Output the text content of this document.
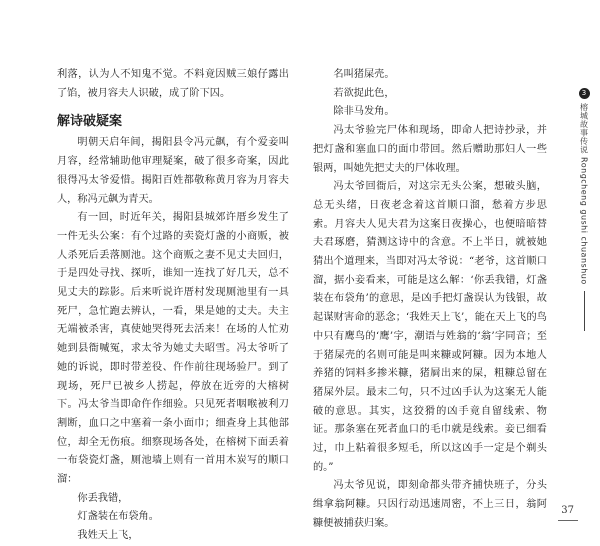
利落，认为人不知鬼不觉。不料竟因贼三娘仔露出了馅，被月容夫人识破，成了阶下囚。

解诗破疑案

明朝天启年间，揭阳县令冯元飙，有个爱妾叫月容，经常辅助他审理疑案，破了很多奇案，因此很得冯太爷爱惜。揭阳百姓都敬称黄月容为月容夫人，称冯元飙为青天。

有一回，时近年关，揭阳县城郊许厝乡发生了一件无头公案：有个过路的卖瓷灯盏的小商贩，被人杀死后丢落厕池。这个商贩之妻不见丈夫回归，于是四处寻找、探听，谁知一连找了好几天，总不见丈夫的踪影。后来听说许厝村发现厕池里有一具死尸，急忙跑去辨认，一看，果是她的丈夫。夫主无端被杀害，真使她哭得死去活来！在场的人忙劝她到县衙喊冤，求太爷为她丈夫昭雪。冯太爷听了她的诉说，即时带差役、仵作前往现场验尸。到了现场，死尸已被乡人捞起，停放在近旁的大榕树下。冯太爷当即命仵作细验。只见死者咽喉被利刀割断，血口之中塞着一条小面巾；细查身上其他部位，却全无伤痕。细察现场各处，在榕树下面丢着一布袋瓷灯盏，厕池墙上则有一首用木炭写的顺口溜：

你丢我错，

灯盏装在布袋角。

我姓天上飞，

名叫猪屎壳。

若欲捉此色，

除非马发角。

冯太爷验完尸体和现场，即命人把诗抄录，并把灯盏和塞血口的面巾带回。然后赠助那妇人一些银两，叫她先把丈夫的尸体收理。

冯太爷回衙后，对这宗无头公案，想破头脑，总无头绪，日夜老念着这首顺口溜，愁着方步思索。月容夫人见夫君为这案日夜操心，也便暗暗替夫君琢磨，猜测这诗中的含意。不上半日，就被她猜出个道理来，当即对冯太爷说：“老爷，这首顺口溜，据小妾看来，可能是这么解：‘你丢我错，灯盏装在布袋角’的意思，是凶手把灯盏误认为钱银，故起谋财害命的恶念；‘我姓天上飞’，能在天上飞的鸟中只有鹰鸟的‘鹰’字，潮语与姓翁的‘翁’字同音；至于猪屎壳的名则可能是叫来糠或阿糠。因为本地人养猪的饲料多掺米糠，猪屙出来的屎，粗糠总留在猪屎外层。最末二句，只不过凶手认为这案无人能破的意思。其实，这狡猾的凶手竟自留线索、物证。那条塞在死者血口的毛巾就是线索。妾已细看过，巾上粘着很多短毛，所以这凶手一定是个剃头的。”

冯太爷见说，即刻命都头带齐捕快班子，分头缉拿翁阿糠。只因行动迅速周密，不上三日，翁阿糠便被捕获归案。

3
榕城故事传说 Rongcheng gushi chuanshuo
37
